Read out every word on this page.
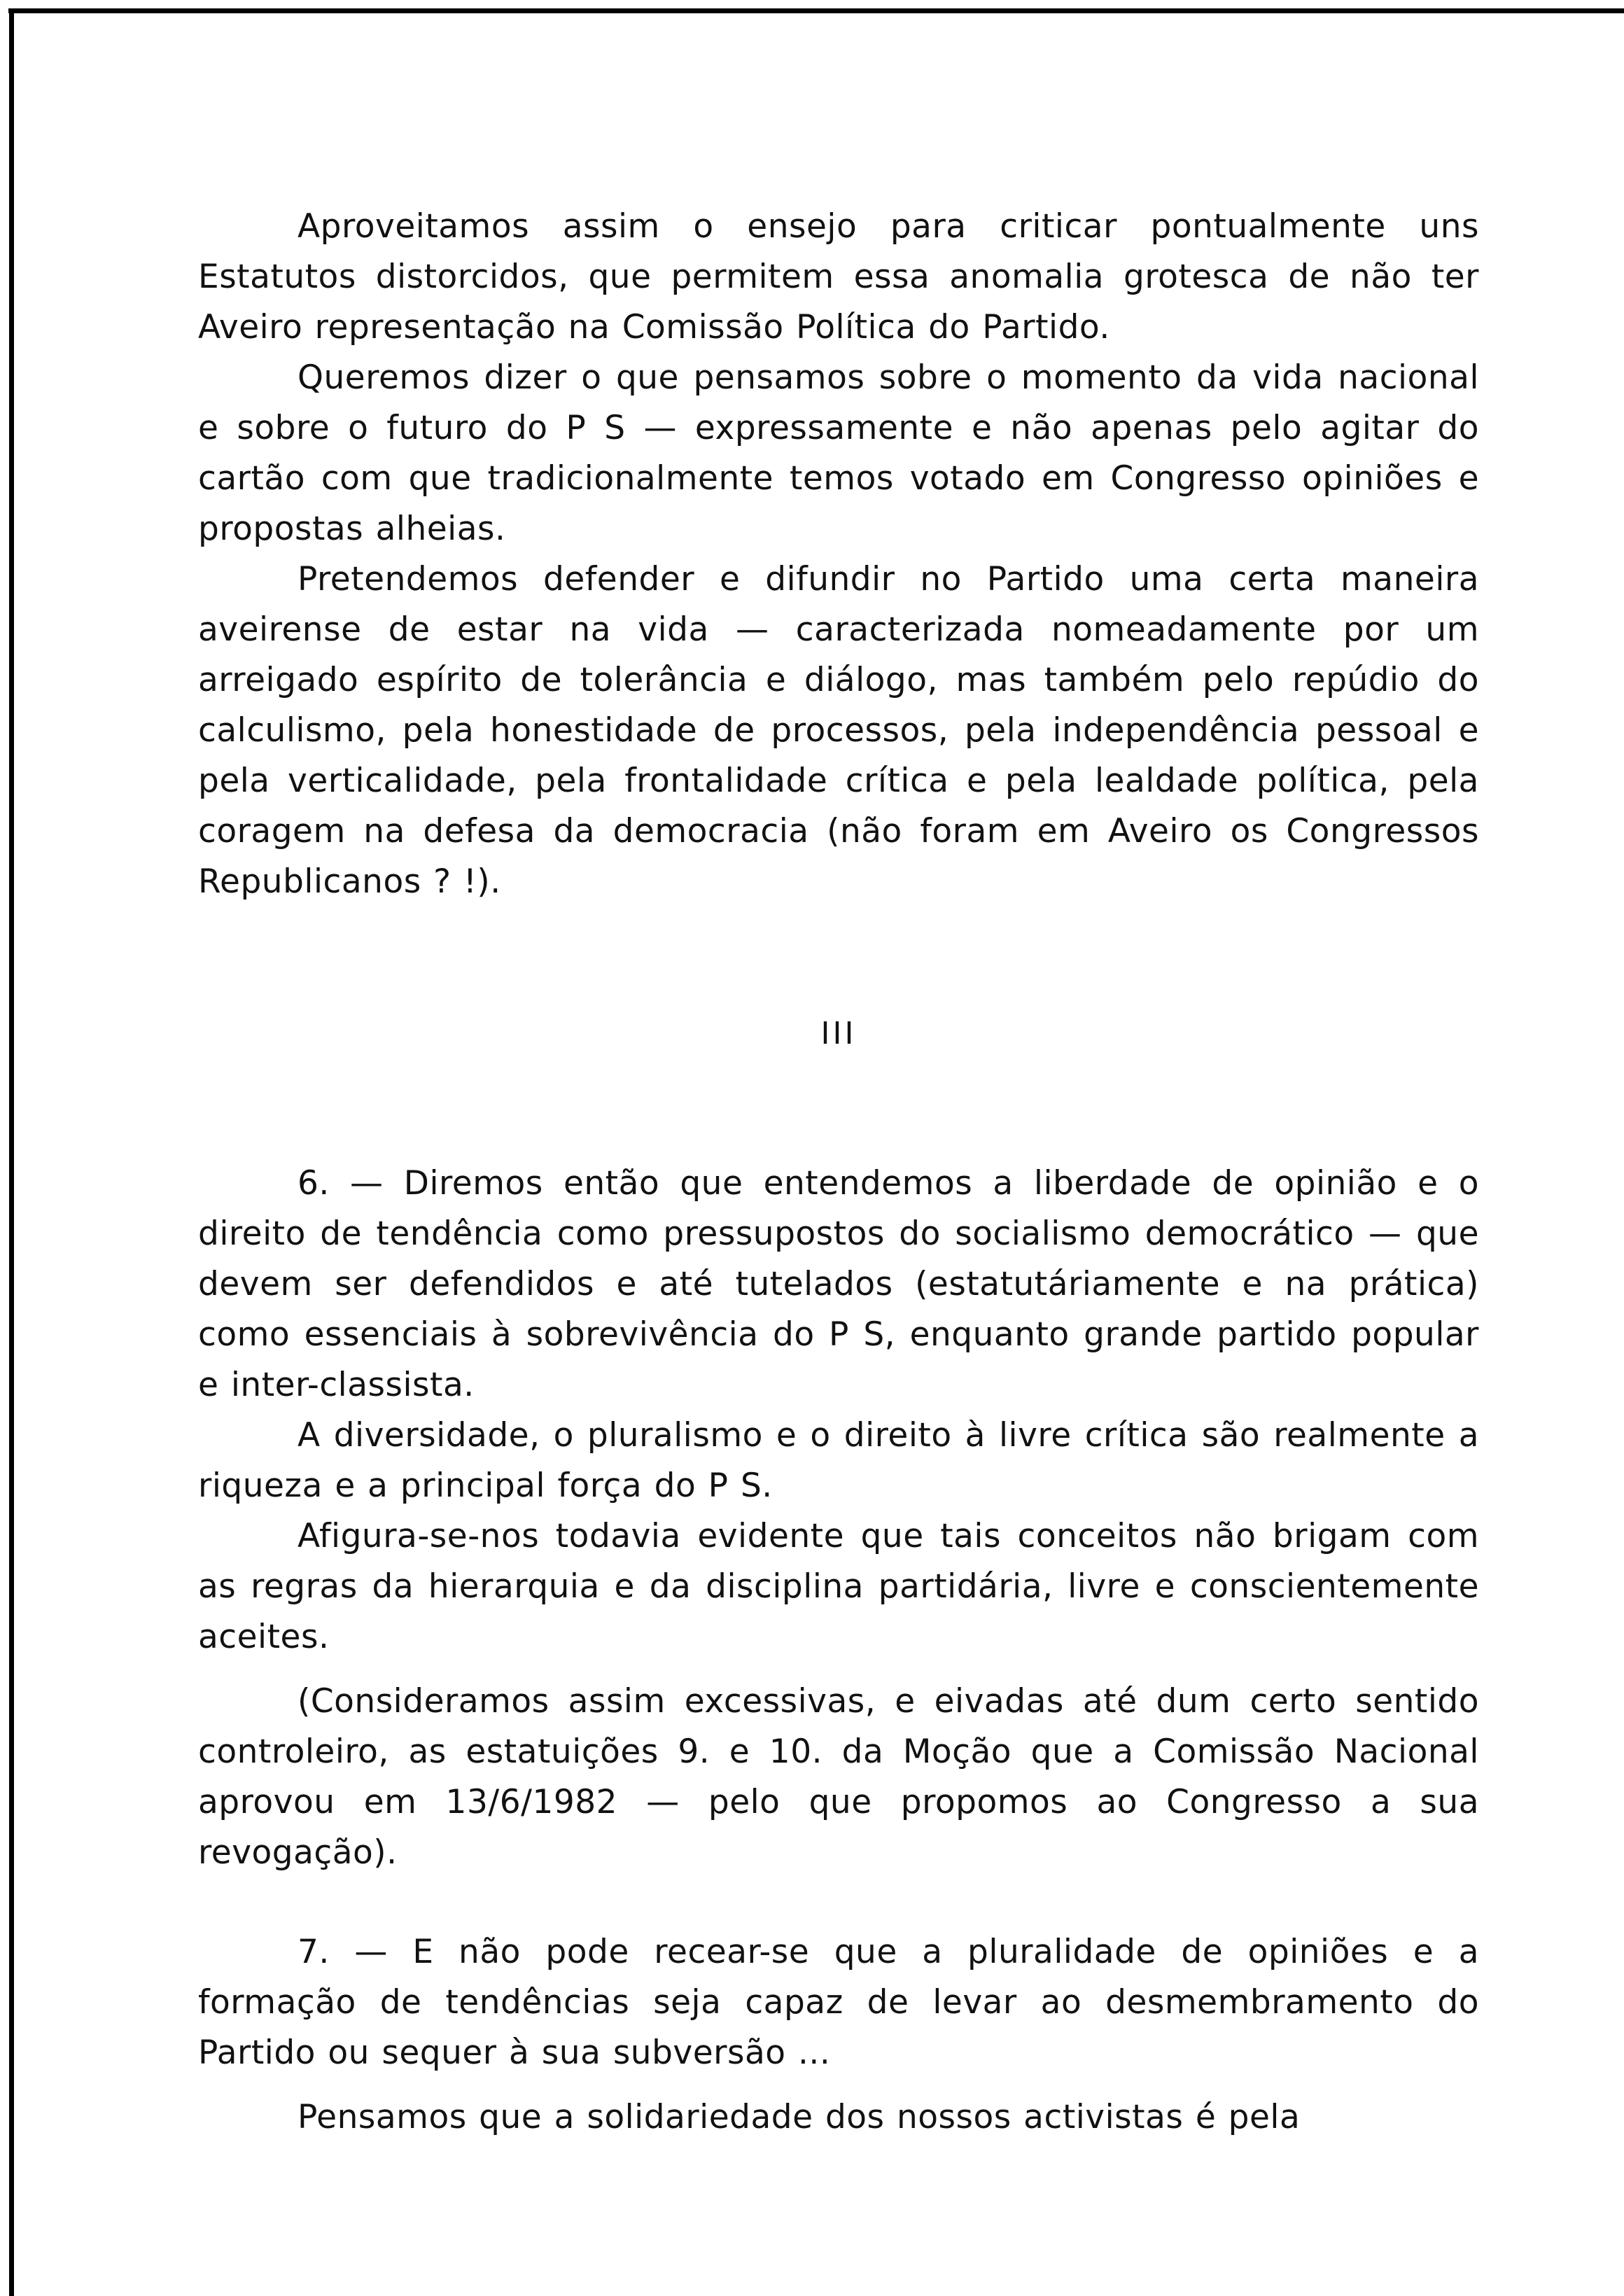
Aproveitamos assim o ensejo para criticar pontualmente uns Estatutos distorcidos, que permitem essa anomalia grotesca de não ter Aveiro representação na Comissão Política do Partido.

Queremos dizer o que pensamos sobre o momento da vida nacional e sobre o futuro do P S — expressamente e não apenas pelo agitar do cartão com que tradicionalmente temos votado em Congresso opiniões e propostas alheias.

Pretendemos defender e difundir no Partido uma certa maneira aveirense de estar na vida — caracterizada nomeadamente por um arreigado espírito de tolerância e diálogo, mas também pelo repúdio do calculismo, pela honestidade de processos, pela independência pessoal e pela verticalidade, pela frontalidade crítica e pela lealdade política, pela coragem na defesa da democracia (não foram em Aveiro os Congressos Republicanos ? !).

III

6. — Diremos então que entendemos a liberdade de opinião e o direito de tendência como pressupostos do socialismo democrático — que devem ser defendidos e até tutelados (estatutáriamente e na prática) como essenciais à sobrevivência do P S, enquanto grande partido popular e inter-classista.

A diversidade, o pluralismo e o direito à livre crítica são realmente a riqueza e a principal força do P S.

Afigura-se-nos todavia evidente que tais conceitos não brigam com as regras da hierarquia e da disciplina partidária, livre e conscientemente aceites.

(Consideramos assim excessivas, e eivadas até dum certo sentido controleiro, as estatuições 9. e 10. da Moção que a Comissão Nacional aprovou em 13/6/1982 — pelo que propomos ao Congresso a sua revogação).

7. — E não pode recear-se que a pluralidade de opiniões e a formação de tendências seja capaz de levar ao desmembramento do Partido ou sequer à sua subversão ...

Pensamos que a solidariedade dos nossos activistas é pela
